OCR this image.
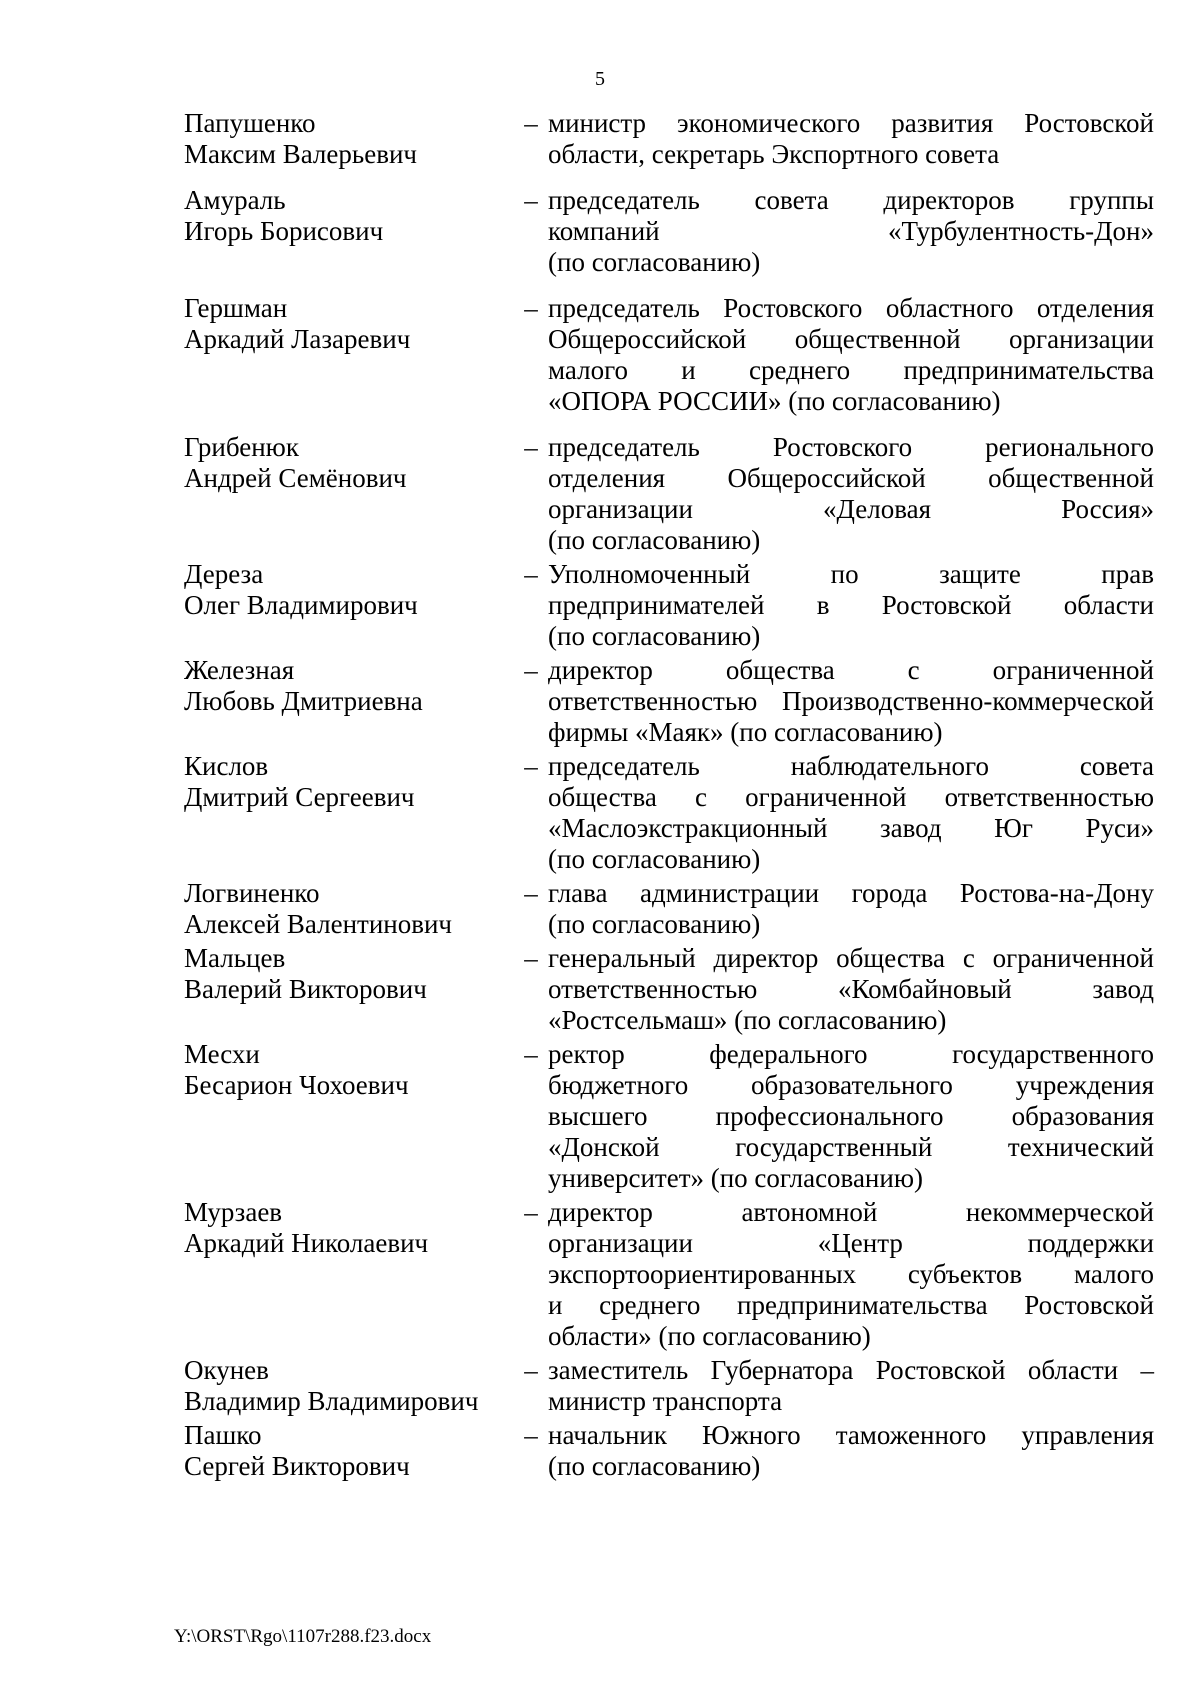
5
Папушенко
Максим Валерьевич
– министр экономического развития Ростовской
области, секретарь Экспортного совета
Амураль
Игорь Борисович
– председатель совета директоров группы
компаний «Турбулентность-Дон»
(по согласованию)
Гершман
Аркадий Лазаревич
– председатель Ростовского областного отделения
Общероссийской общественной организации
малого и среднего предпринимательства
«ОПОРА РОССИИ» (по согласованию)
Грибенюк
Андрей Семёнович
– председатель Ростовского регионального
отделения Общероссийской общественной
организации «Деловая Россия»
(по согласованию)
Дереза
Олег Владимирович
– Уполномоченный по защите прав
предпринимателей в Ростовской области
(по согласованию)
Железная
Любовь Дмитриевна
– директор общества с ограниченной
ответственностью Производственно-коммерческой
фирмы «Маяк» (по согласованию)
Кислов
Дмитрий Сергеевич
– председатель наблюдательного совета
общества с ограниченной ответственностью
«Маслоэкстракционный завод Юг Руси»
(по согласованию)
Логвиненко
Алексей Валентинович
– глава администрации города Ростова-на-Дону
(по согласованию)
Мальцев
Валерий Викторович
– генеральный директор общества с ограниченной
ответственностью «Комбайновый завод
«Ростсельмаш» (по согласованию)
Месхи
Бесарион Чохоевич
– ректор федерального государственного
бюджетного образовательного учреждения
высшего профессионального образования
«Донской государственный технический
университет» (по согласованию)
Мурзаев
Аркадий Николаевич
– директор автономной некоммерческой
организации «Центр поддержки
экспортоориентированных субъектов малого
и среднего предпринимательства Ростовской
области» (по согласованию)
Окунев
Владимир Владимирович
– заместитель Губернатора Ростовской области –
министр транспорта
Пашко
Сергей Викторович
– начальник Южного таможенного управления
(по согласованию)
Y:\ORST\Rgo\1107r288.f23.docx
